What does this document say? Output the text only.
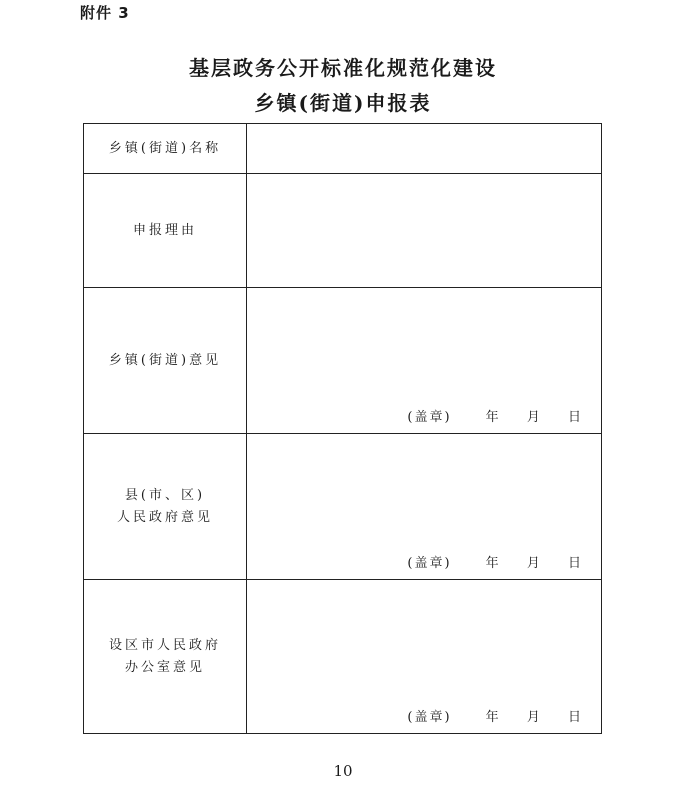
附件 3
基层政务公开标准化规范化建设
乡镇(街道)申报表
乡镇(街道)名称	

申报理由	

乡镇(街道)意见	(盖章) 年 月 日

县(市、区)
人民政府意见	(盖章) 年 月 日

设区市人民政府
办公室意见	(盖章) 年 月 日
10
